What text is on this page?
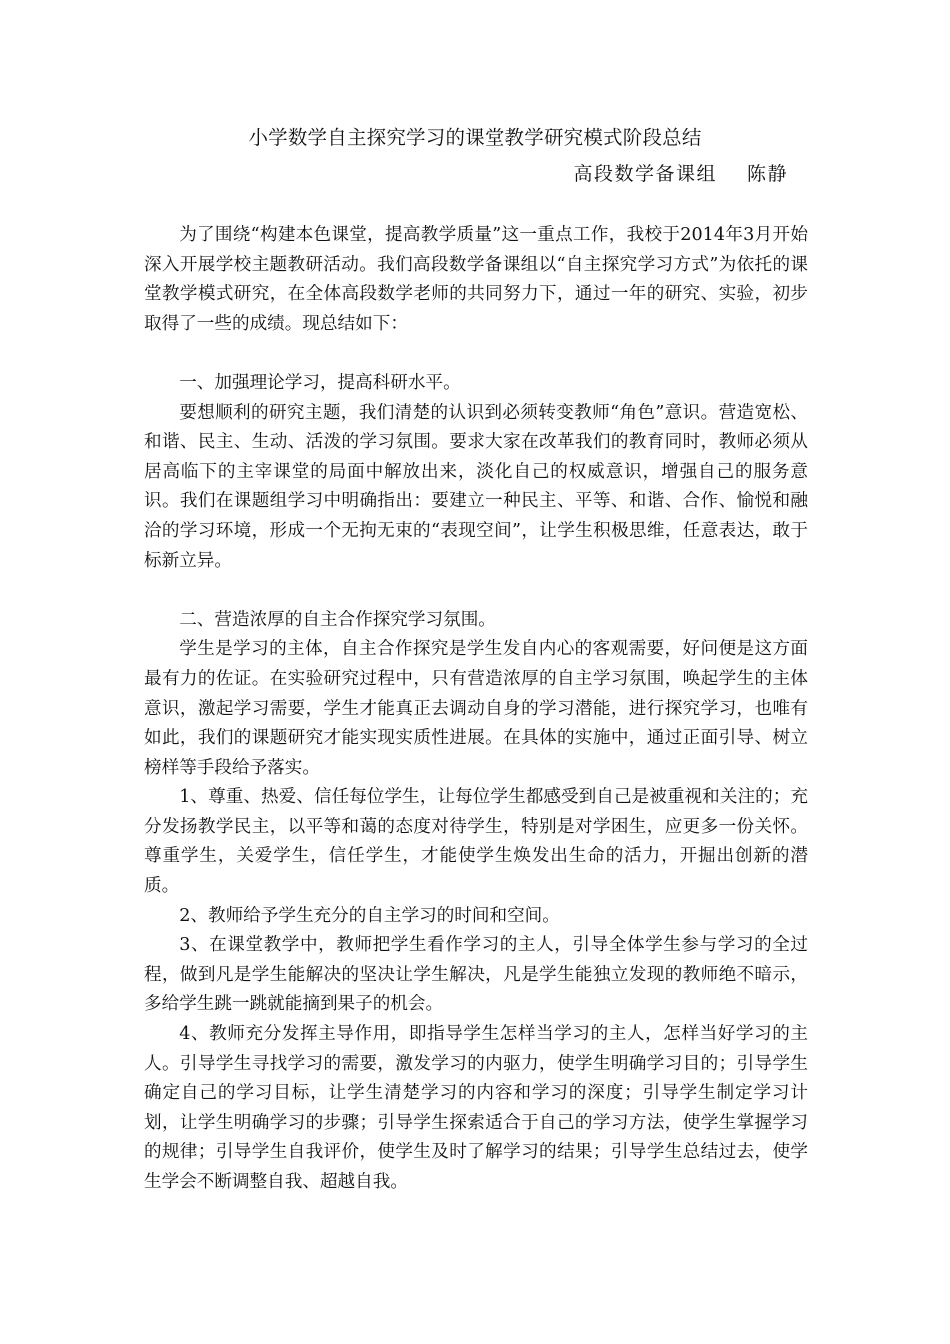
小学数学自主探究学习的课堂教学研究模式阶段总结
高段数学备课组 陈静

为了围绕“构建本色课堂，提高教学质量”这一重点工作，我校于2014年3月开始深入开展学校主题教研活动。我们高段数学备课组以“自主探究学习方式”为依托的课堂教学模式研究，在全体高段数学老师的共同努力下，通过一年的研究、实验，初步取得了一些的成绩。现总结如下：

一、加强理论学习，提高科研水平。

要想顺利的研究主题，我们清楚的认识到必须转变教师“角色”意识。营造宽松、和谐、民主、生动、活泼的学习氛围。要求大家在改革我们的教育同时，教师必须从居高临下的主宰课堂的局面中解放出来，淡化自己的权威意识，增强自己的服务意识。我们在课题组学习中明确指出：要建立一种民主、平等、和谐、合作、愉悦和融洽的学习环境，形成一个无拘无束的“表现空间”，让学生积极思维，任意表达，敢于标新立异。

二、营造浓厚的自主合作探究学习氛围。

学生是学习的主体，自主合作探究是学生发自内心的客观需要，好问便是这方面最有力的佐证。在实验研究过程中，只有营造浓厚的自主学习氛围，唤起学生的主体意识，激起学习需要，学生才能真正去调动自身的学习潜能，进行探究学习，也唯有如此，我们的课题研究才能实现实质性进展。在具体的实施中，通过正面引导、树立榜样等手段给予落实。

1、尊重、热爱、信任每位学生，让每位学生都感受到自己是被重视和关注的；充分发扬教学民主，以平等和蔼的态度对待学生，特别是对学困生，应更多一份关怀。尊重学生，关爱学生，信任学生，才能使学生焕发出生命的活力，开掘出创新的潜质。

2、教师给予学生充分的自主学习的时间和空间。

3、在课堂教学中，教师把学生看作学习的主人，引导全体学生参与学习的全过程，做到凡是学生能解决的坚决让学生解决，凡是学生能独立发现的教师绝不暗示，多给学生跳一跳就能摘到果子的机会。

4、教师充分发挥主导作用，即指导学生怎样当学习的主人，怎样当好学习的主人。引导学生寻找学习的需要，激发学习的内驱力，使学生明确学习目的；引导学生确定自己的学习目标，让学生清楚学习的内容和学习的深度；引导学生制定学习计划，让学生明确学习的步骤；引导学生探索适合于自己的学习方法，使学生掌握学习的规律；引导学生自我评价，使学生及时了解学习的结果；引导学生总结过去，使学生学会不断调整自我、超越自我。
